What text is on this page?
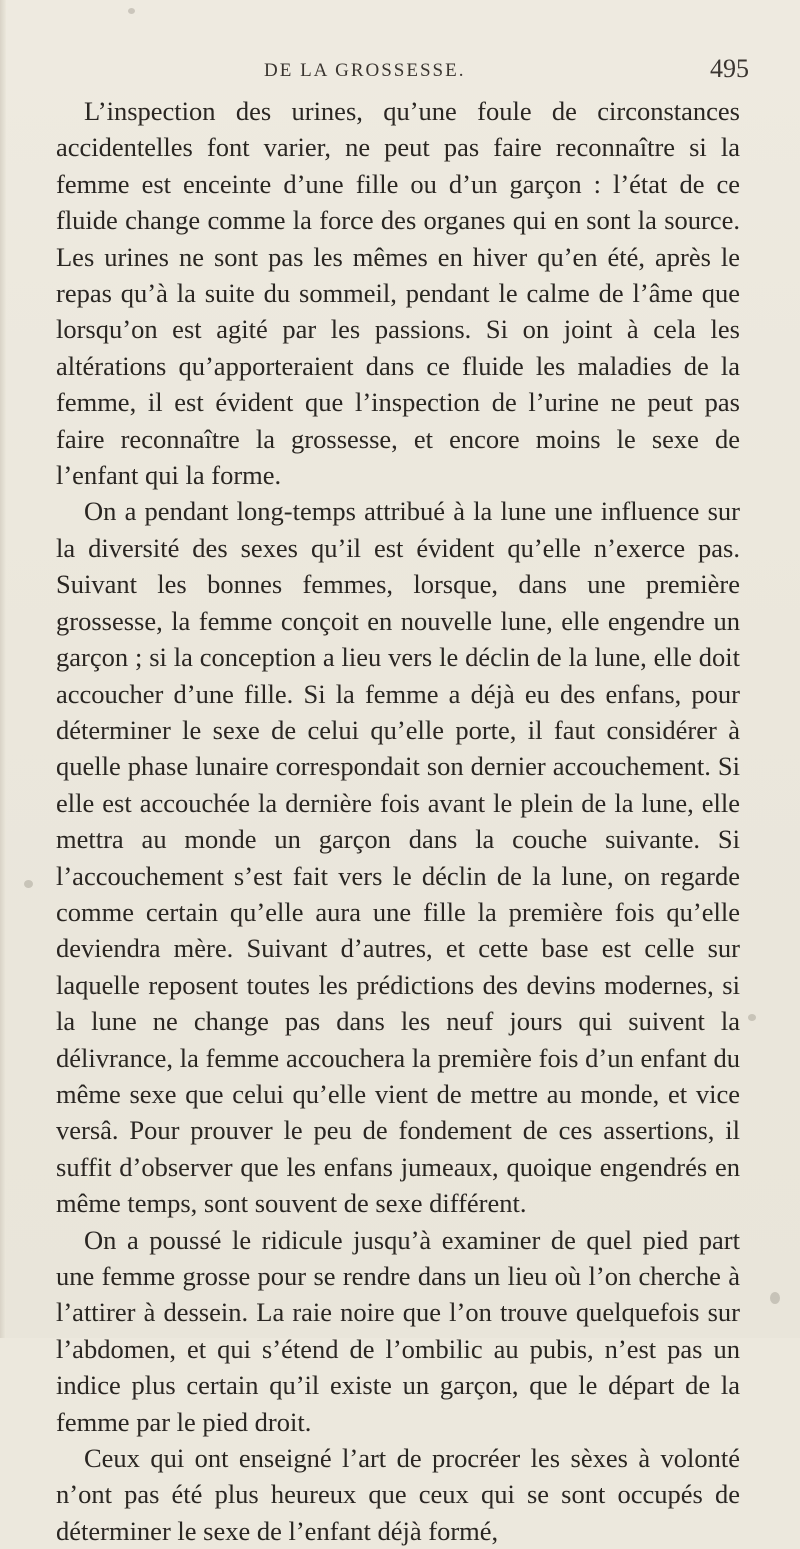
DE LA GROSSESSE.	495

L’inspection des urines, qu’une foule de circonstances accidentelles font varier, ne peut pas faire reconnaître si la femme est enceinte d’une fille ou d’un garçon : l’état de ce fluide change comme la force des organes qui en sont la source. Les urines ne sont pas les mêmes en hiver qu’en été, après le repas qu’à la suite du sommeil, pendant le calme de l’âme que lorsqu’on est agité par les passions. Si on joint à cela les altérations qu’apporteraient dans ce fluide les maladies de la femme, il est évident que l’inspection de l’urine ne peut pas faire reconnaître la grossesse, et encore moins le sexe de l’enfant qui la forme.

On a pendant long-temps attribué à la lune une influence sur la diversité des sexes qu’il est évident qu’elle n’exerce pas. Suivant les bonnes femmes, lorsque, dans une première grossesse, la femme conçoit en nouvelle lune, elle engendre un garçon ; si la conception a lieu vers le déclin de la lune, elle doit accoucher d’une fille. Si la femme a déjà eu des enfans, pour déterminer le sexe de celui qu’elle porte, il faut considérer à quelle phase lunaire correspondait son dernier accouchement. Si elle est accouchée la dernière fois avant le plein de la lune, elle mettra au monde un garçon dans la couche suivante. Si l’accouchement s’est fait vers le déclin de la lune, on regarde comme certain qu’elle aura une fille la première fois qu’elle deviendra mère. Suivant d’autres, et cette base est celle sur laquelle reposent toutes les prédictions des devins modernes, si la lune ne change pas dans les neuf jours qui suivent la délivrance, la femme accouchera la première fois d’un enfant du même sexe que celui qu’elle vient de mettre au monde, et vice versâ. Pour prouver le peu de fondement de ces assertions, il suffit d’observer que les enfans jumeaux, quoique engendrés en même temps, sont souvent de sexe différent.

On a poussé le ridicule jusqu’à examiner de quel pied part une femme grosse pour se rendre dans un lieu où l’on cherche à l’attirer à dessein. La raie noire que l’on trouve quelquefois sur l’abdomen, et qui s’étend de l’ombilic au pubis, n’est pas un indice plus certain qu’il existe un garçon, que le départ de la femme par le pied droit.

Ceux qui ont enseigné l’art de procréer les sèxes à volonté n’ont pas été plus heureux que ceux qui se sont occupés de déterminer le sexe de l’enfant déjà formé,
